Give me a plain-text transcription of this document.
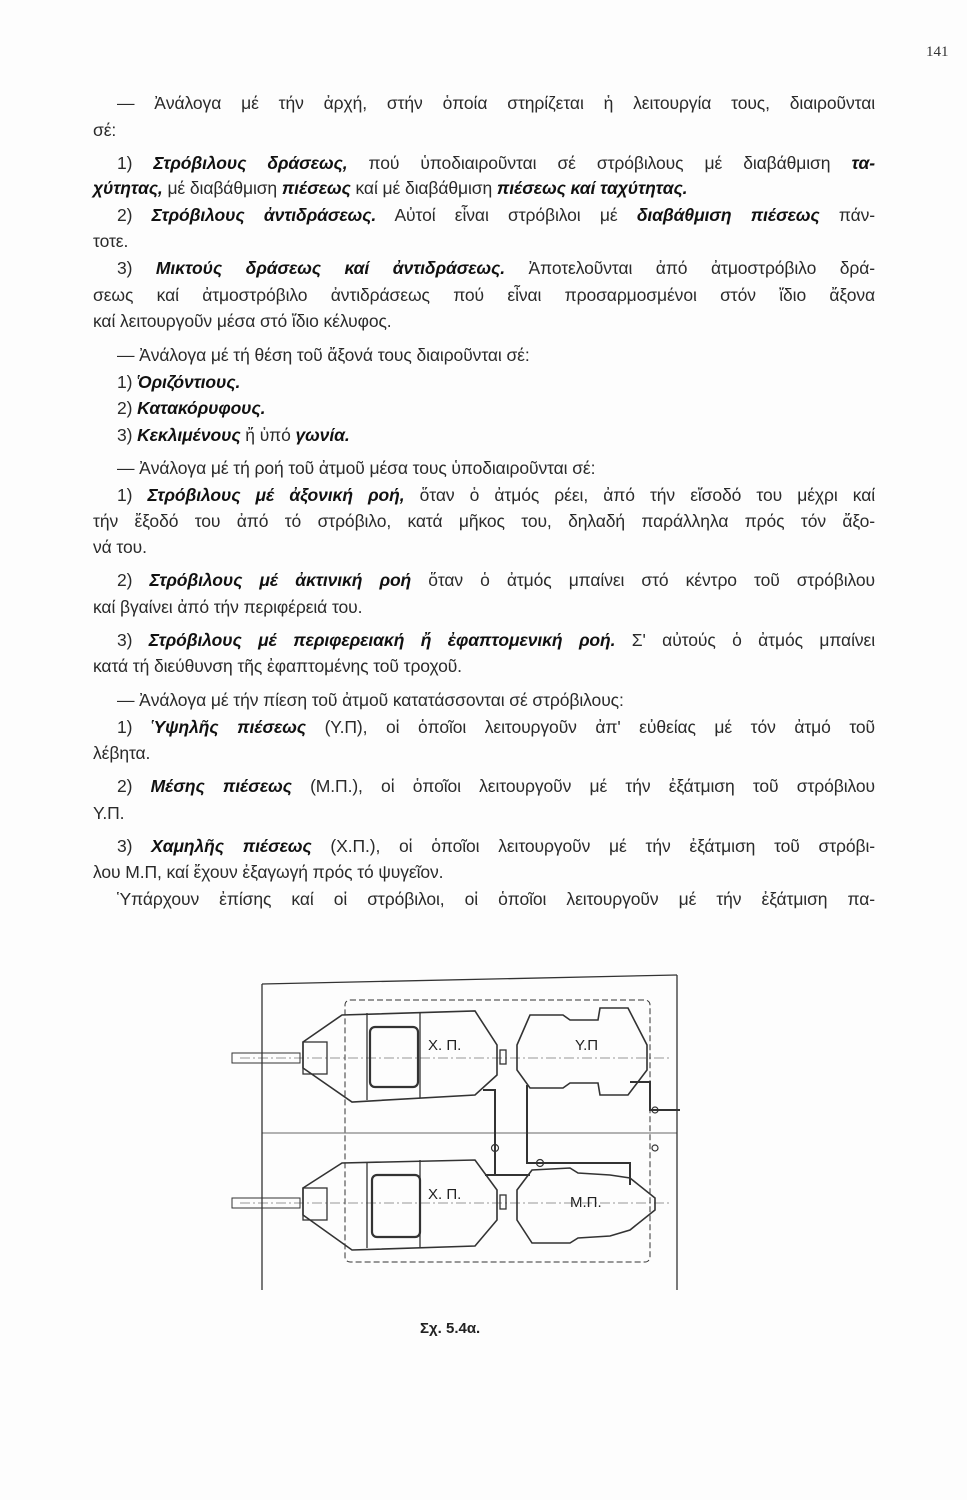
141
— Ἀνάλογα μέ τήν ἀρχή, στήν ὁποία στηρίζεται ἡ λειτουργία τους, διαιροῦνται
σέ:
1) Στρόβιλους δράσεως, πού ὑποδιαιροῦνται σέ στρόβιλους μέ διαβάθμιση τα-
χύτητας, μέ διαβάθμιση πιέσεως καί μέ διαβάθμιση πιέσεως καί ταχύτητας.
2) Στρόβιλους ἀντιδράσεως. Αὐτοί εἶναι στρόβιλοι μέ διαβάθμιση πιέσεως πάν-
τοτε.
3) Μικτούς δράσεως καί ἀντιδράσεως. Ἀποτελοῦνται ἀπό ἀτμοστρόβιλο δρά-
σεως καί ἀτμοστρόβιλο ἀντιδράσεως πού εἶναι προσαρμοσμένοι στόν ἴδιο ἄξονα
καί λειτουργοῦν μέσα στό ἴδιο κέλυφος.
— Ἀνάλογα μέ τή θέση τοῦ ἄξονά τους διαιροῦνται σέ:
1) Ὁριζόντιους.
2) Κατακόρυφους.
3) Κεκλιμένους ἤ ὑπό γωνία.
— Ἀνάλογα μέ τή ροή τοῦ ἀτμοῦ μέσα τους ὑποδιαιροῦνται σέ:
1) Στρόβιλους μέ ἀξονική ροή, ὅταν ὁ ἀτμός ρέει, ἀπό τήν εἴσοδό του μέχρι καί
τήν ἔξοδό του ἀπό τό στρόβιλο, κατά μῆκος του, δηλαδή παράλληλα πρός τόν ἄξο-
νά του.
2) Στρόβιλους μέ ἀκτινική ροή ὅταν ὁ ἀτμός μπαίνει στό κέντρο τοῦ στρόβιλου
καί βγαίνει ἀπό τήν περιφέρειά του.
3) Στρόβιλους μέ περιφερειακή ἤ ἐφαπτομενική ροή. Σ' αὐτούς ὁ ἀτμός μπαίνει
κατά τή διεύθυνση τῆς ἐφαπτομένης τοῦ τροχοῦ.
— Ἀνάλογα μέ τήν πίεση τοῦ ἀτμοῦ κατατάσσονται σέ στρόβιλους:
1) Ὑψηλῆς πιέσεως (Υ.Π), οἱ ὁποῖοι λειτουργοῦν ἀπ' εὐθείας μέ τόν ἀτμό τοῦ
λέβητα.
2) Μέσης πιέσεως (Μ.Π.), οἱ ὁποῖοι λειτουργοῦν μέ τήν ἐξάτμιση τοῦ στρόβιλου
Υ.Π.
3) Χαμηλῆς πιέσεως (Χ.Π.), οἱ ὁποῖοι λειτουργοῦν μέ τήν ἐξάτμιση τοῦ στρόβι-
λου Μ.Π, καί ἔχουν ἐξαγωγή πρός τό ψυγεῖον.
Ὑπάρχουν ἐπίσης καί οἱ στρόβιλοι, οἱ ὁποῖοι λειτουργοῦν μέ τήν ἐξάτμιση πα-
Χ. Π.	Υ.Π
Χ. Π.	Μ.Π.
Σχ. 5.4α.
